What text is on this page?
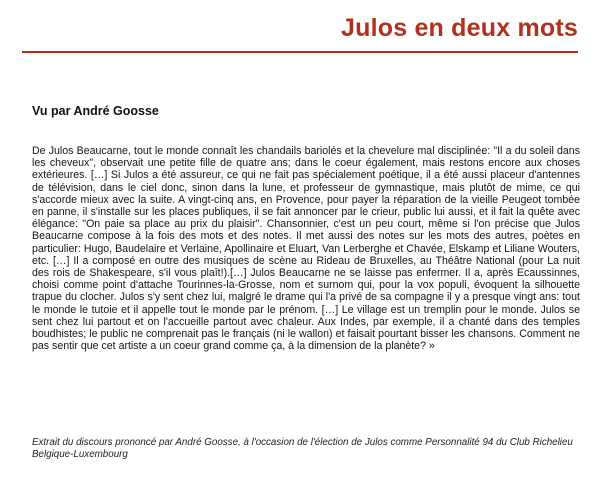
Julos en deux mots
Vu par André Goosse

De Julos Beaucarne, tout le monde connaît les chandails bariolés et la chevelure mal disciplinée: "Il a du soleil dans les cheveux", observait une petite fille de quatre ans; dans le coeur également, mais restons encore aux choses extérieures. […] Si Julos a été assureur, ce qui ne fait pas spécialement poétique, il a été aussi placeur d'antennes de télévision, dans le ciel donc, sinon dans la lune, et professeur de gymnastique, mais plutôt de mime, ce qui s'accorde mieux avec la suite. A vingt-cinq ans, en Provence, pour payer la réparation de la vieille Peugeot tombée en panne, il s'installe sur les places publiques, il se fait annoncer par le crieur, public lui aussi, et il fait la quête avec élégance: "On paie sa place au prix du plaisir". Chansonnier, c'est un peu court, même si l'on précise que Julos Beaucarne compose à la fois des mots et des notes. Il met aussi des notes sur les mots des autres, poètes en particulier: Hugo, Baudelaire et Verlaine, Apollinaire et Eluart, Van Lerberghe et Chavée, Elskamp et Liliane Wouters, etc. […] Il a composé en outre des musiques de scène au Rideau de Bruxelles, au Théâtre National (pour La nuit des rois de Shakespeare, s'il vous plaît!).[…] Julos Beaucarne ne se laisse pas enfermer. Il a, après Ecaussinnes, choisi comme point d'attache Tourinnes-la-Grosse, nom et surnom qui, pour la vox populi, évoquent la silhouette trapue du clocher. Julos s'y sent chez lui, malgré le drame qui l'a privé de sa compagne il y a presque vingt ans: tout le monde le tutoie et il appelle tout le monde par le prénom. […] Le village est un tremplin pour le monde. Julos se sent chez lui partout et on l'accueille partout avec chaleur. Aux Indes, par exemple, il a chanté dans des temples boudhistes; le public ne comprenait pas le français (ni le wallon) et faisait pourtant bisser les chansons. Comment ne pas sentir que cet artiste a un coeur grand comme ça, à la dimension de la planète? »

Extrait du discours prononcé par André Goosse, à l'occasion de l'élection de Julos comme Personnalité 94 du Club Richelieu Belgique-Luxembourg
